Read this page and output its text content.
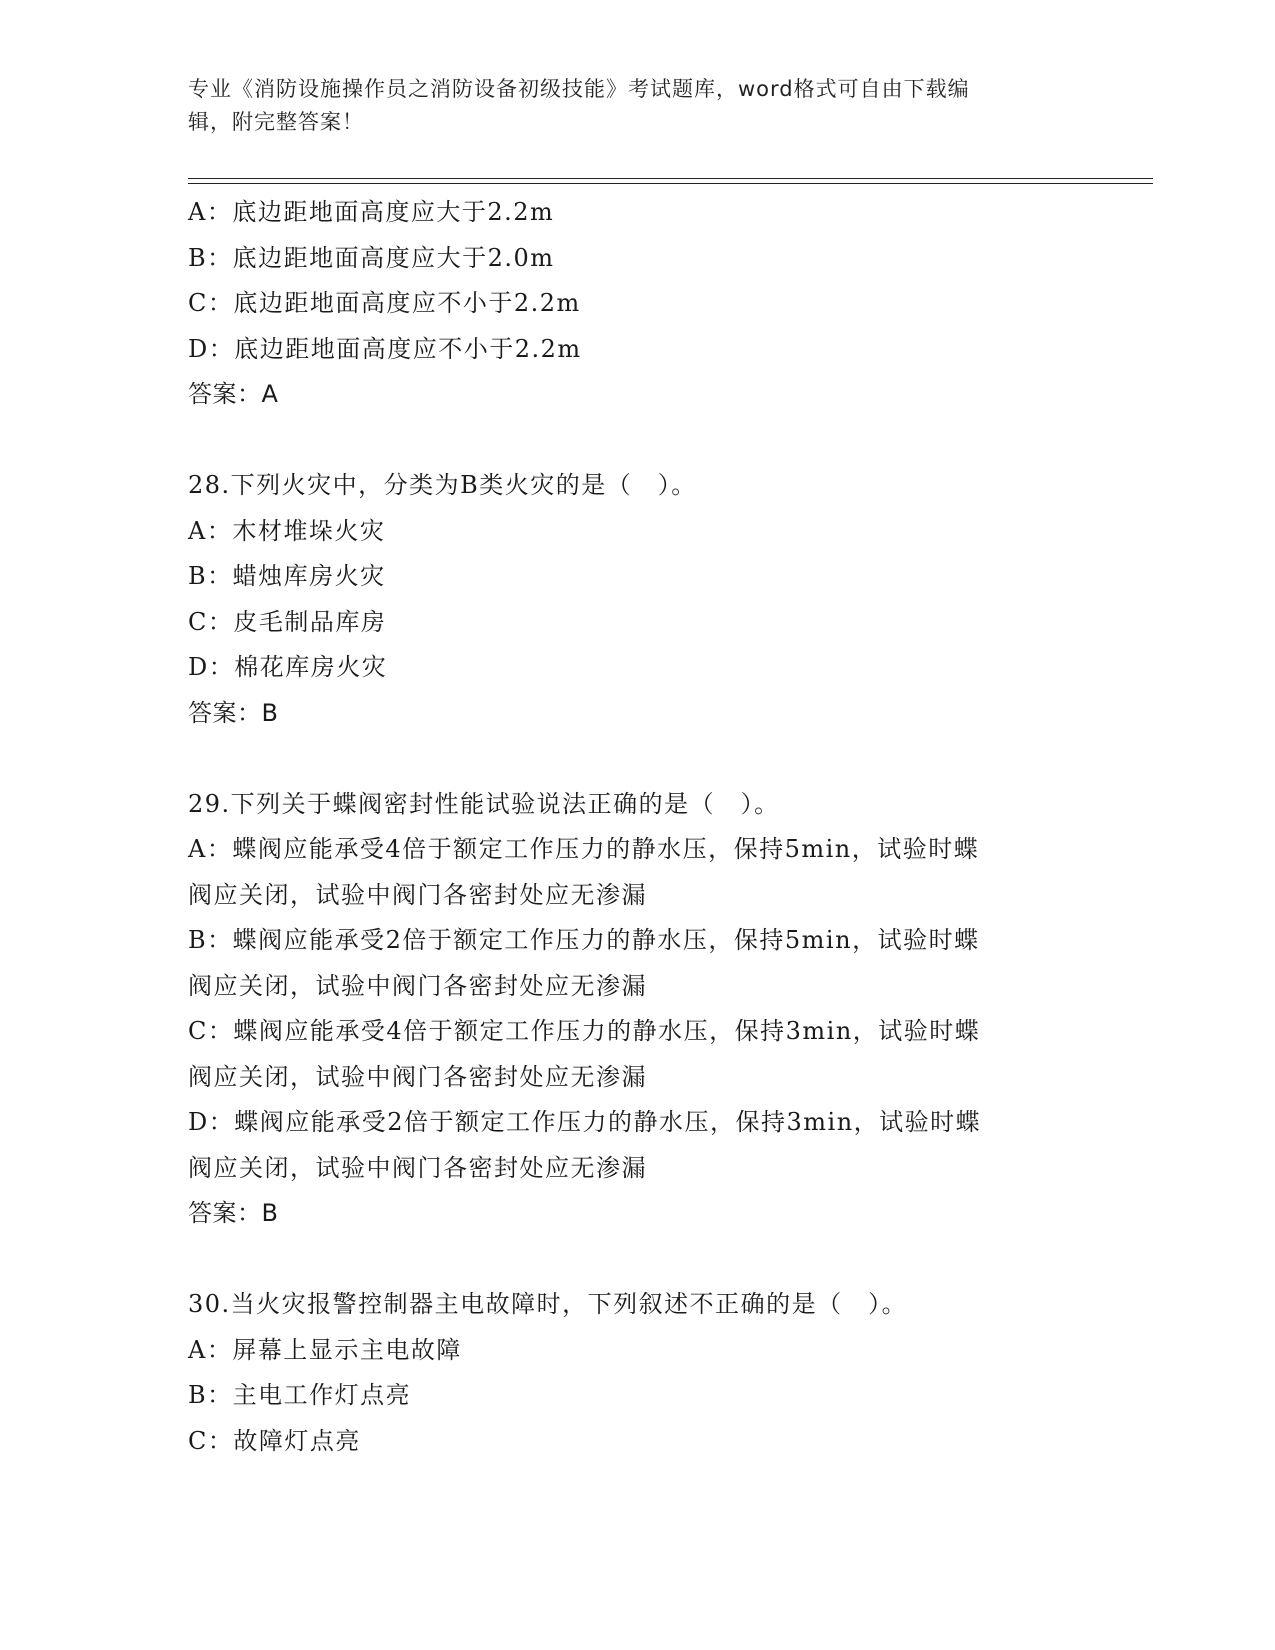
专业《消防设施操作员之消防设备初级技能》考试题库，word格式可自由下载编
辑，附完整答案！
A：底边距地面高度应大于2.2m
B：底边距地面高度应大于2.0m
C：底边距地面高度应不小于2.2m
D：底边距地面高度应不小于2.2m
答案：A
28.下列火灾中，分类为B类火灾的是（　）。
A：木材堆垛火灾
B：蜡烛库房火灾
C：皮毛制品库房
D：棉花库房火灾
答案：B
29.下列关于蝶阀密封性能试验说法正确的是（　）。
A：蝶阀应能承受4倍于额定工作压力的静水压，保持5min，试验时蝶
阀应关闭，试验中阀门各密封处应无渗漏
B：蝶阀应能承受2倍于额定工作压力的静水压，保持5min，试验时蝶
阀应关闭，试验中阀门各密封处应无渗漏
C：蝶阀应能承受4倍于额定工作压力的静水压，保持3min，试验时蝶
阀应关闭，试验中阀门各密封处应无渗漏
D：蝶阀应能承受2倍于额定工作压力的静水压，保持3min，试验时蝶
阀应关闭，试验中阀门各密封处应无渗漏
答案：B
30.当火灾报警控制器主电故障时，下列叙述不正确的是（　）。
A：屏幕上显示主电故障
B：主电工作灯点亮
C：故障灯点亮
